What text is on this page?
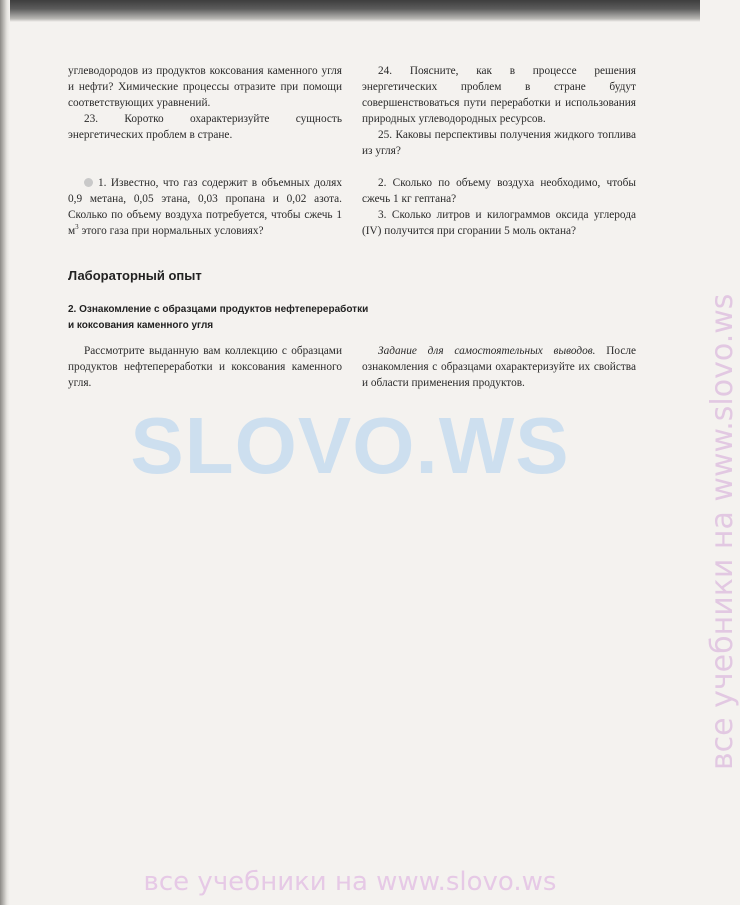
углеводородов из продуктов коксования каменного угля и нефти? Химические процессы отразите при помощи соответствующих уравнений.

23. Коротко охарактеризуйте сущность энергетических проблем в стране.

24. Поясните, как в процессе решения энергетических проблем в стране будут совершенствоваться пути переработки и использования природных углеводородных ресурсов.

25. Каковы перспективы получения жидкого топлива из угля?

1. Известно, что газ содержит в объемных долях 0,9 метана, 0,05 этана, 0,03 пропана и 0,02 азота. Сколько по объему воздуха потребуется, чтобы сжечь 1 $м^3$ этого газа при нормальных условиях?

2. Сколько по объему воздуха необходимо, чтобы сжечь 1 кг гептана?

3. Сколько литров и килограммов оксида углерода (IV) получится при сгорании 5 моль октана?

Лабораторный опыт

2. Ознакомление с образцами продуктов нефтепереработки

и коксования каменного угля

Рассмотрите выданную вам коллекцию с образцами продуктов нефтепереработки и коксования каменного угля.

Задание для самостоятельных выводов. После ознакомления с образцами охарактеризуйте их свойства и области применения продуктов.

SLOVO.WS	все учебники на www.slovo.ws
все учебники на www.slovo.ws
